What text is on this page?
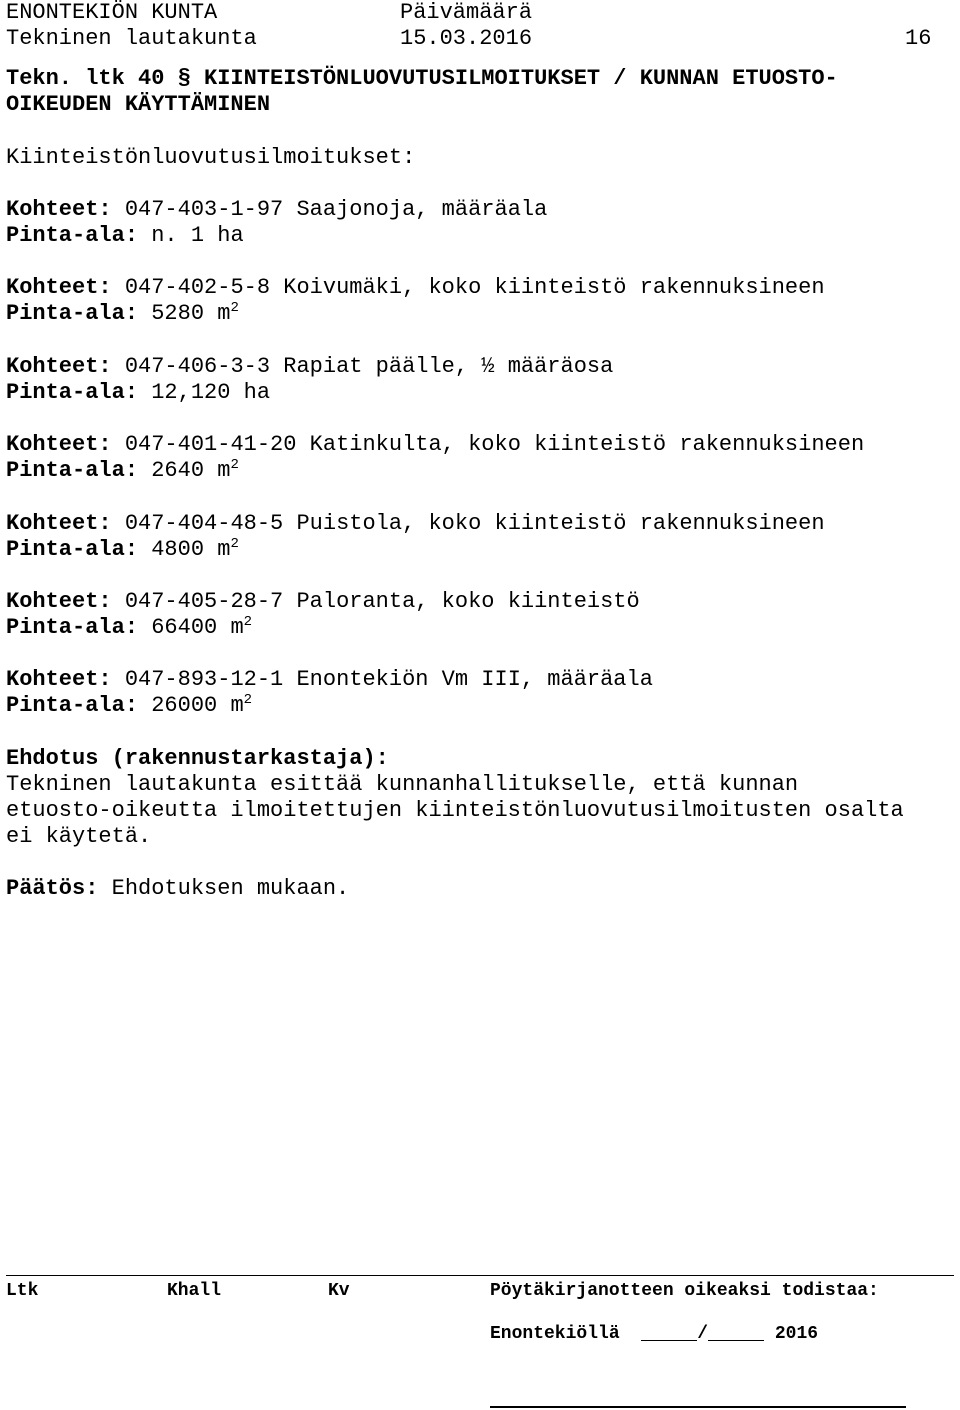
ENONTEKIÖN KUNTA	Päivämäärä
Tekninen lautakunta	15.03.2016	16
Tekn. ltk 40 § KIINTEISTÖNLUOVUTUSILMOITUKSET / KUNNAN ETUOSTO-
OIKEUDEN KÄYTTÄMINEN
Kiinteistönluovutusilmoitukset:
Kohteet: 047-403-1-97 Saajonoja, määräala
Pinta-ala: n. 1 ha
Kohteet: 047-402-5-8 Koivumäki, koko kiinteistö rakennuksineen
Pinta-ala: 5280 $m^2$
Kohteet: 047-406-3-3 Rapiat päälle, ½ määräosa
Pinta-ala: 12,120 ha
Kohteet: 047-401-41-20 Katinkulta, koko kiinteistö rakennuksineen
Pinta-ala: 2640 $m^2$
Kohteet: 047-404-48-5 Puistola, koko kiinteistö rakennuksineen
Pinta-ala: 4800 $m^2$
Kohteet: 047-405-28-7 Paloranta, koko kiinteistö
Pinta-ala: 66400 $m^2$
Kohteet: 047-893-12-1 Enontekiön Vm III, määräala
Pinta-ala: 26000 $m^2$
Ehdotus (rakennustarkastaja):
Tekninen lautakunta esittää kunnanhallitukselle, että kunnan
etuosto-oikeutta ilmoitettujen kiinteistönluovutusilmoitusten osalta
ei käytetä.
Päätös: Ehdotuksen mukaan.
Ltk	Khall	Kv	Pöytäkirjanotteen oikeaksi todistaa:
Enontekiöllä	/	2016
